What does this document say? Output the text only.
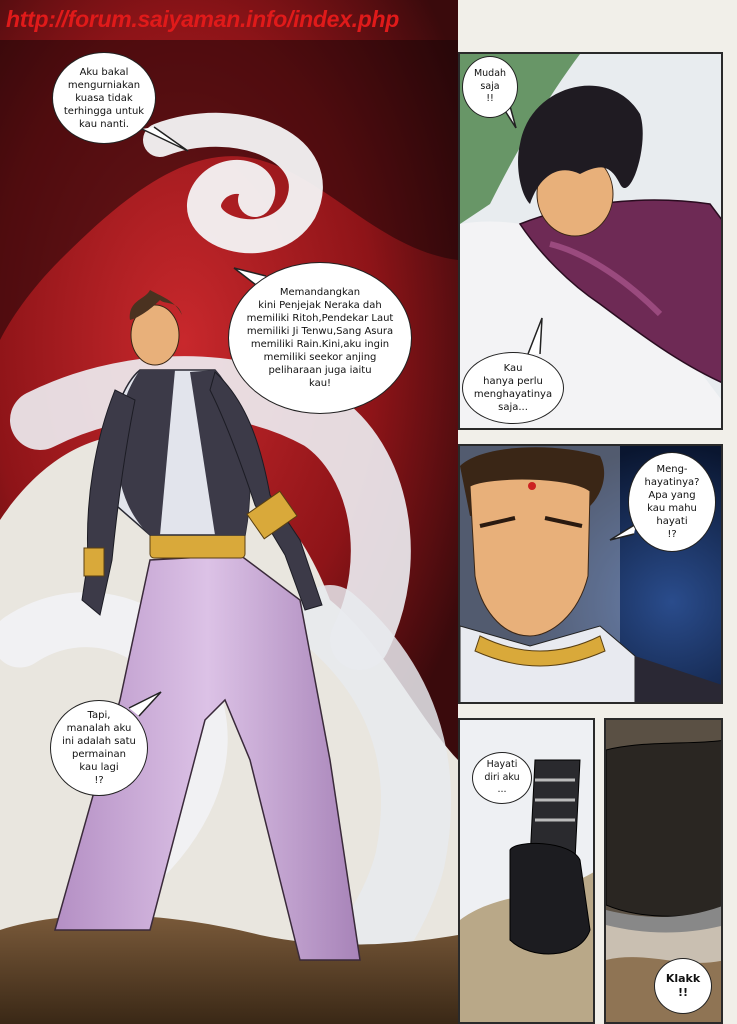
http://forum.saiyaman.info/index.php
Aku bakal
mengurniakan
kuasa tidak
terhingga untuk
kau nanti.
Memandangkan
kini Penjejak Neraka dah
memiliki Ritoh,Pendekar Laut
memiliki Ji Tenwu,Sang Asura
memiliki Rain.Kini,aku ingin
memiliki seekor anjing
peliharaan juga iaitu
kau!
Tapi,
manalah aku
ini adalah satu
permainan
kau lagi
!?
Mudah
saja
!!
Kau
hanya perlu
menghayatinya
saja...
Meng-
hayatinya?
Apa yang
kau mahu
hayati
!?
Hayati
diri aku
...
Klakk
!!
